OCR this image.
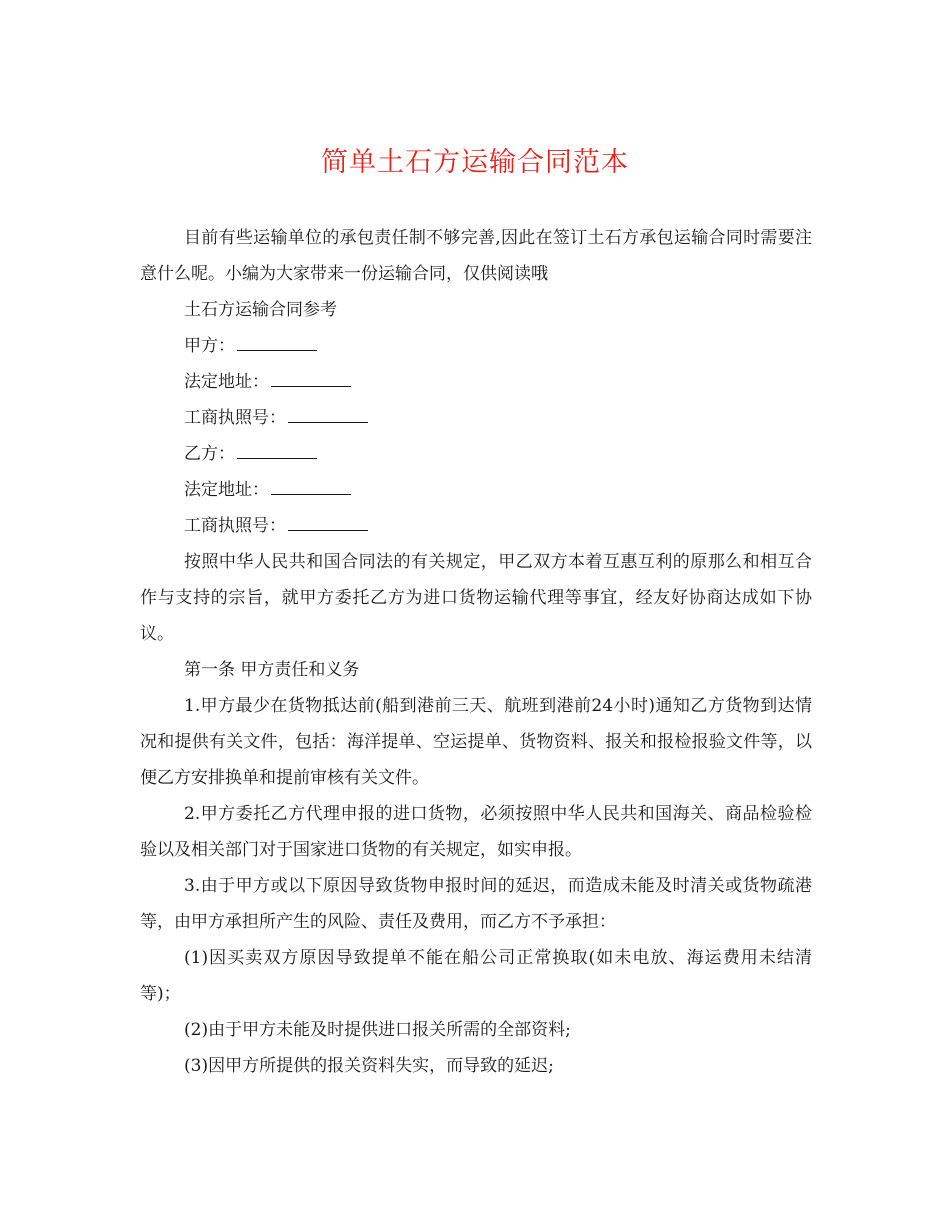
简单土石方运输合同范本

目前有些运输单位的承包责任制不够完善,因此在签订土石方承包运输合同时需要注意什么呢。小编为大家带来一份运输合同，仅供阅读哦

土石方运输合同参考

甲方：

法定地址：

工商执照号：

乙方：

法定地址：

工商执照号：

按照中华人民共和国合同法的有关规定，甲乙双方本着互惠互利的原那么和相互合作与支持的宗旨，就甲方委托乙方为进口货物运输代理等事宜，经友好协商达成如下协议。

第一条 甲方责任和义务

1.甲方最少在货物抵达前(船到港前三天、航班到港前24小时)通知乙方货物到达情况和提供有关文件，包括：海洋提单、空运提单、货物资料、报关和报检报验文件等，以便乙方安排换单和提前审核有关文件。

2.甲方委托乙方代理申报的进口货物，必须按照中华人民共和国海关、商品检验检验以及相关部门对于国家进口货物的有关规定，如实申报。

3.由于甲方或以下原因导致货物申报时间的延迟，而造成未能及时清关或货物疏港等，由甲方承担所产生的风险、责任及费用，而乙方不予承担：

(1)因买卖双方原因导致提单不能在船公司正常换取(如未电放、海运费用未结清等)；

(2)由于甲方未能及时提供进口报关所需的全部资料;

(3)因甲方所提供的报关资料失实，而导致的延迟;
